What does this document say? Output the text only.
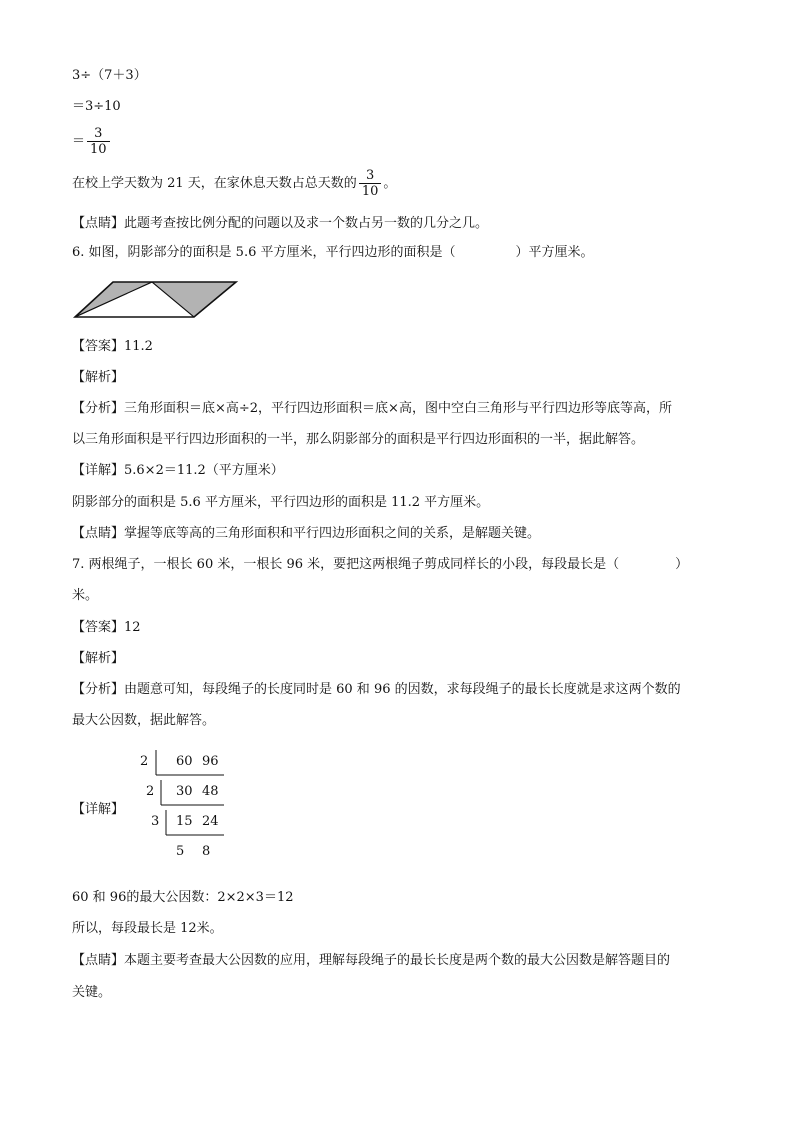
3÷（7＋3）
＝3÷10
＝ $\frac{3}{10}$
在校上学天数为 21 天，在家休息天数占总天数的 $\frac{3}{10}$ 。
【点睛】此题考查按比例分配的问题以及求一个数占另一数的几分之几。
6. 如图，阴影部分的面积是 5.6 平方厘米，平行四边形的面积是（	）平方厘米。
【答案】11.2
【解析】
【分析】三角形面积＝底×高÷2，平行四边形面积＝底×高，图中空白三角形与平行四边形等底等高，所
以三角形面积是平行四边形面积的一半，那么阴影部分的面积是平行四边形面积的一半，据此解答。
【详解】5.6×2＝11.2（平方厘米）
阴影部分的面积是 5.6 平方厘米，平行四边形的面积是 11.2 平方厘米。
【点睛】掌握等底等高的三角形面积和平行四边形面积之间的关系，是解题关键。
7. 两根绳子，一根长 60 米，一根长 96 米，要把这两根绳子剪成同样长的小段，每段最长是（	）
米。
【答案】12
【解析】
【分析】由题意可知，每段绳子的长度同时是 60 和 96 的因数，求每段绳子的最长长度就是求这两个数的
最大公因数，据此解答。
【详解】
2 60 96
2 30 48
3 15 24
5 8
60 和 96的最大公因数：2×2×3＝12
所以，每段最长是 12米。
【点睛】本题主要考查最大公因数的应用，理解每段绳子的最长长度是两个数的最大公因数是解答题目的
关键。
